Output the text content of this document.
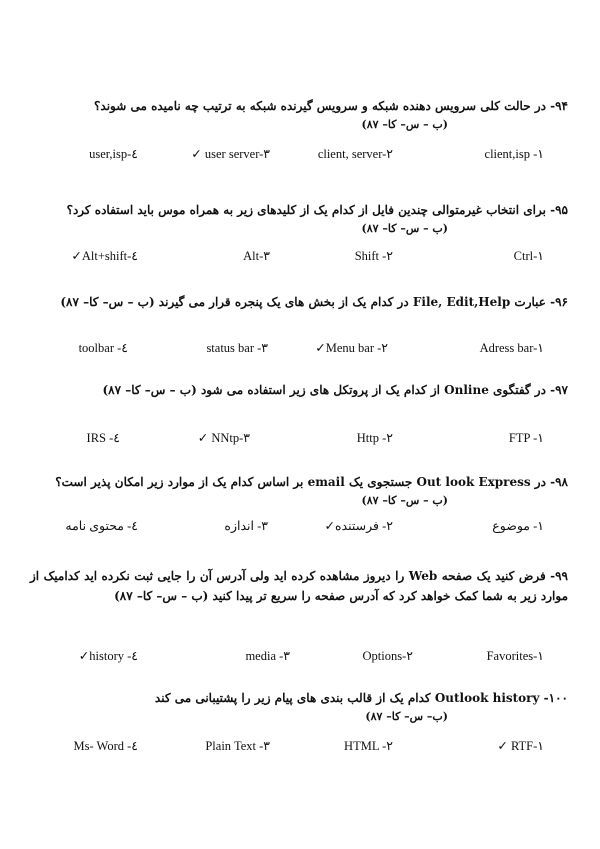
۹۴- در حالت کلی سرویس دهنده شبکه و سرویس گیرنده شبکه به ترتیب چه نامیده می شوند؟
(ب – س– کا– ۸۷)
client,isp -۱
client, server-۲
✓ user server-۳
user,isp-٤
۹۵- برای انتخاب غیرمتوالی چندین فایل از کدام یک از کلیدهای زیر به همراه موس باید استفاده کرد؟
(ب – س– کا– ۸۷)
Ctrl-۱
Shift -۲
Alt-۳
✓Alt+shift-٤
۹۶- عبارت File, Edit,Help در کدام یک از بخش های یک پنجره قرار می گیرند (ب – س– کا– ۸۷)
Adress bar-۱
✓Menu bar -۲
status bar -۳
toolbar -٤
۹۷- در گفتگوی Online از کدام یک از پروتکل های زیر استفاده می شود (ب – س– کا– ۸۷)
FTP -۱
Http -۲
✓ NNtp-۳
IRS -٤
۹۸- در Out look Express جستجوی یک email بر اساس کدام یک از موارد زیر امکان پذیر است؟
(ب – س– کا– ۸۷)
۱- موضوع
۲- فرستنده✓
۳- اندازه
٤- محتوی نامه
۹۹- فرض کنید یک صفحه Web را دیروز مشاهده کرده اید ولی آدرس آن را جایی ثبت نکرده اید کدامیک از موارد زیر به شما کمک خواهد کرد که آدرس صفحه را سریع تر پیدا کنید (ب – س– کا– ۸۷)
Favorites-۱
Options-۲
media -۳
✓history -٤
۱۰۰- Outlook history کدام یک از قالب بندی های پیام زیر را پشتیبانی می کند
(ب– س– کا– ۸۷)
✓ RTF-۱
HTML -۲
Plain Text -۳
Ms- Word -٤
